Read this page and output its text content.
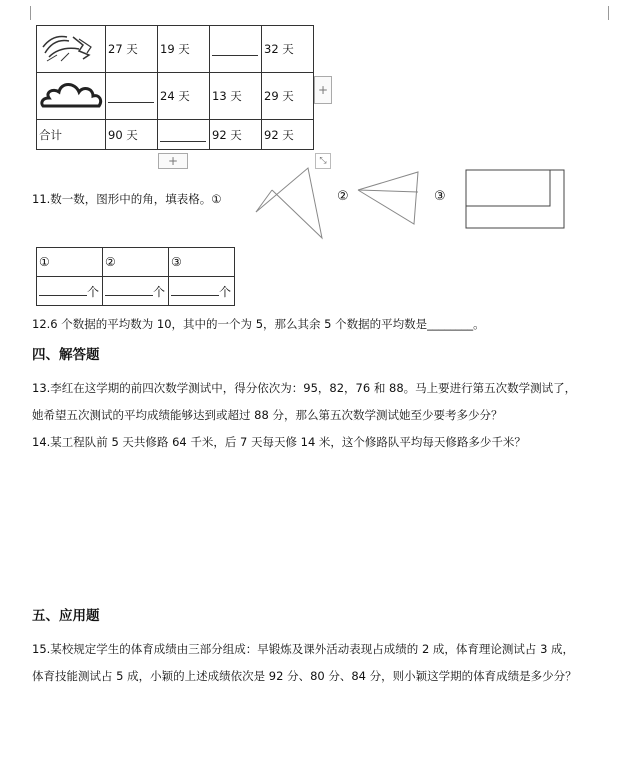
	27 天	19 天		32 天
		24 天	13 天	29 天
合计	90 天		92 天	92 天
+
+	⤡
11.数一数，图形中的角，填表格。①	②	③
①	②	③
个	个	个
12.6 个数据的平均数为 10，其中的一个为 5，那么其余 5 个数据的平均数是________。
四、解答题
13.李红在这学期的前四次数学测试中，得分依次为：95，82，76 和 88。马上要进行第五次数学测试了，
她希望五次测试的平均成绩能够达到或超过 88 分，那么第五次数学测试她至少要考多少分？
14.某工程队前 5 天共修路 64 千米，后 7 天每天修 14 米，这个修路队平均每天修路多少千米？
五、应用题
15.某校规定学生的体育成绩由三部分组成：早锻炼及课外活动表现占成绩的 2 成，体育理论测试占 3 成，
体育技能测试占 5 成，小颖的上述成绩依次是 92 分、80 分、84 分，则小颖这学期的体育成绩是多少分？
